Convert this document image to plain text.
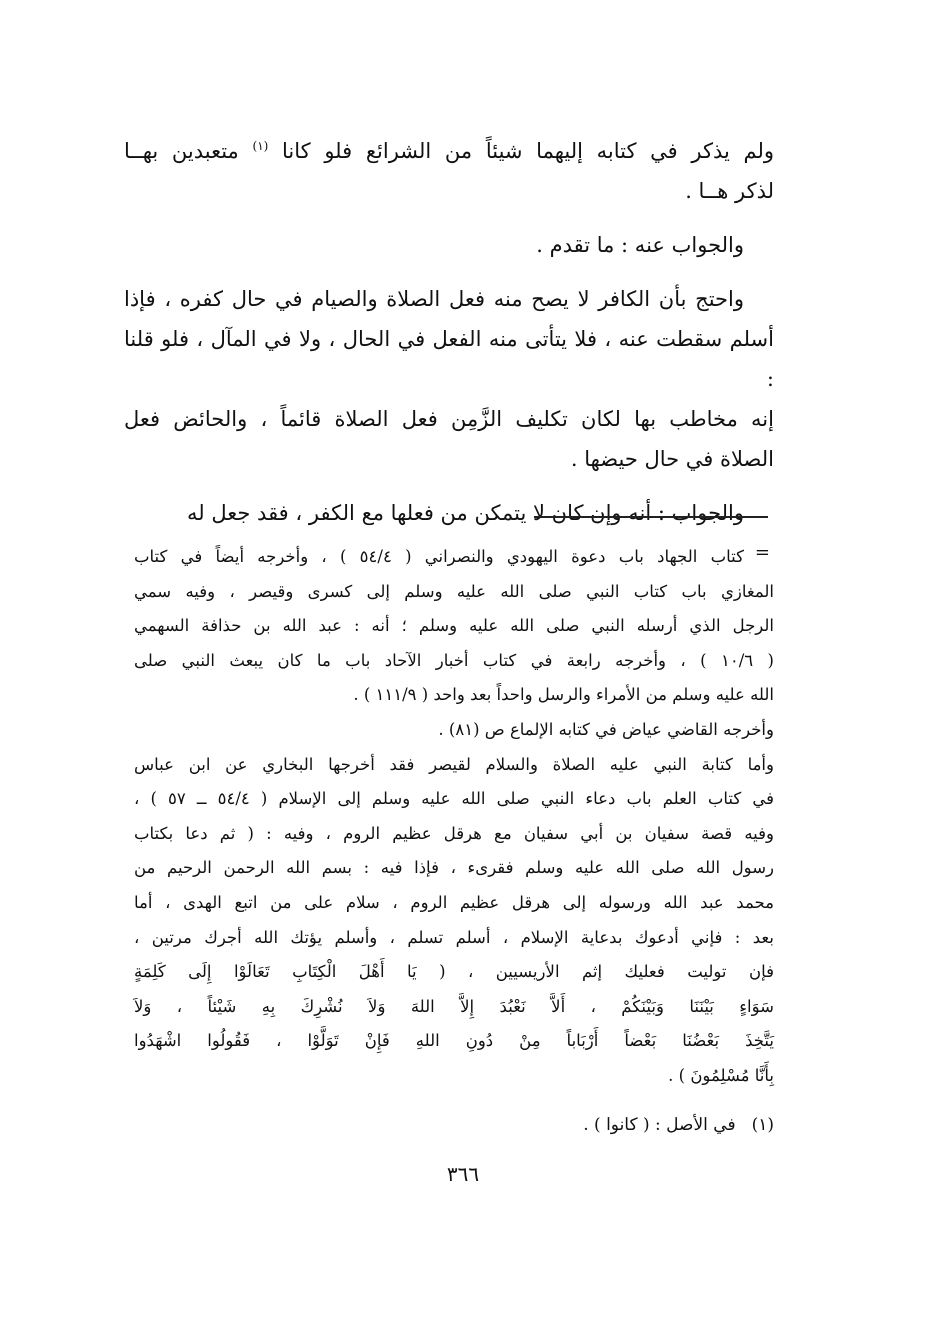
ولم يذكر في كتابه إليهما شيئاً من الشرائع فلو كانا $^{(١)}$ متعبدين بهــا
لذكر هــا .

والجواب عنه : ما تقدم .

واحتج بأن الكافر لا يصح منه فعل الصلاة والصيام في حال كفره ، فإذا
أسلم سقطت عنه ، فلا يتأتى منه الفعل في الحال ، ولا في المآل ، فلو قلنا :
إنه مخاطب بها لكان تكليف الزَّمِن فعل الصلاة قائماً ، والحائض فعل
الصلاة في حال حيضها .

والجواب : أنه وإن كان لا يتمكن من فعلها مع الكفر ، فقد جعل له

=
كتاب الجهاد باب دعوة اليهودي والنصراني ( ٥٤/٤ ) ، وأخرجه أيضاً في كتاب
المغازي باب كتاب النبي صلى الله عليه وسلم إلى كسرى وقيصر ، وفيه سمي
الرجل الذي أرسله النبي صلى الله عليه وسلم ؛ أنه : عبد الله بن حذافة السهمي
( ١٠/٦ ) ، وأخرجه رابعة في كتاب أخبار الآحاد باب ما كان يبعث النبي صلى
الله عليه وسلم من الأمراء والرسل واحداً بعد واحد ( ١١١/٩ ) .
وأخرجه القاضي عياض في كتابه الإلماع ص (٨١) .
وأما كتابة النبي عليه الصلاة والسلام لقيصر فقد أخرجها البخاري عن ابن عباس
في كتاب العلم باب دعاء النبي صلى الله عليه وسلم إلى الإسلام ( ٥٤/٤ ــ ٥٧ ) ،
وفيه قصة سفيان بن أبي سفيان مع هرقل عظيم الروم ، وفيه : ( ثم دعا بكتاب
رسول الله صلى الله عليه وسلم فقرىء ، فإذا فيه : بسم الله الرحمن الرحيم من
محمد عبد الله ورسوله إلى هرقل عظيم الروم ، سلام على من اتبع الهدى ، أما
بعد : فإني أدعوك بدعاية الإسلام ، أسلم تسلم ، وأسلم يؤتك الله أجرك مرتين ،
فإن توليت فعليك إثم الأريسيين ، ( يَا أَهْلَ الْكِتَابِ تَعَالَوْا إِلَى كَلِمَةٍ
سَوَاءٍ بَيْنَنَا وَبَيْنَكُمْ ، أَلاَّ نَعْبُدَ إِلاَّ اللهَ وَلاَ نُشْرِكَ بِهِ شَيْئاً ، وَلاَ
يَتَّخِذَ بَعْضُنَا بَعْضاً أَرْبَاباً مِنْ دُونِ اللهِ فَإِنْ تَوَلَّوْا ، فَقُولُوا اشْهَدُوا
بِأَنَّا مُسْلِمُونَ ) .
(١)في الأصل : ( كانوا ) .
٣٦٦
